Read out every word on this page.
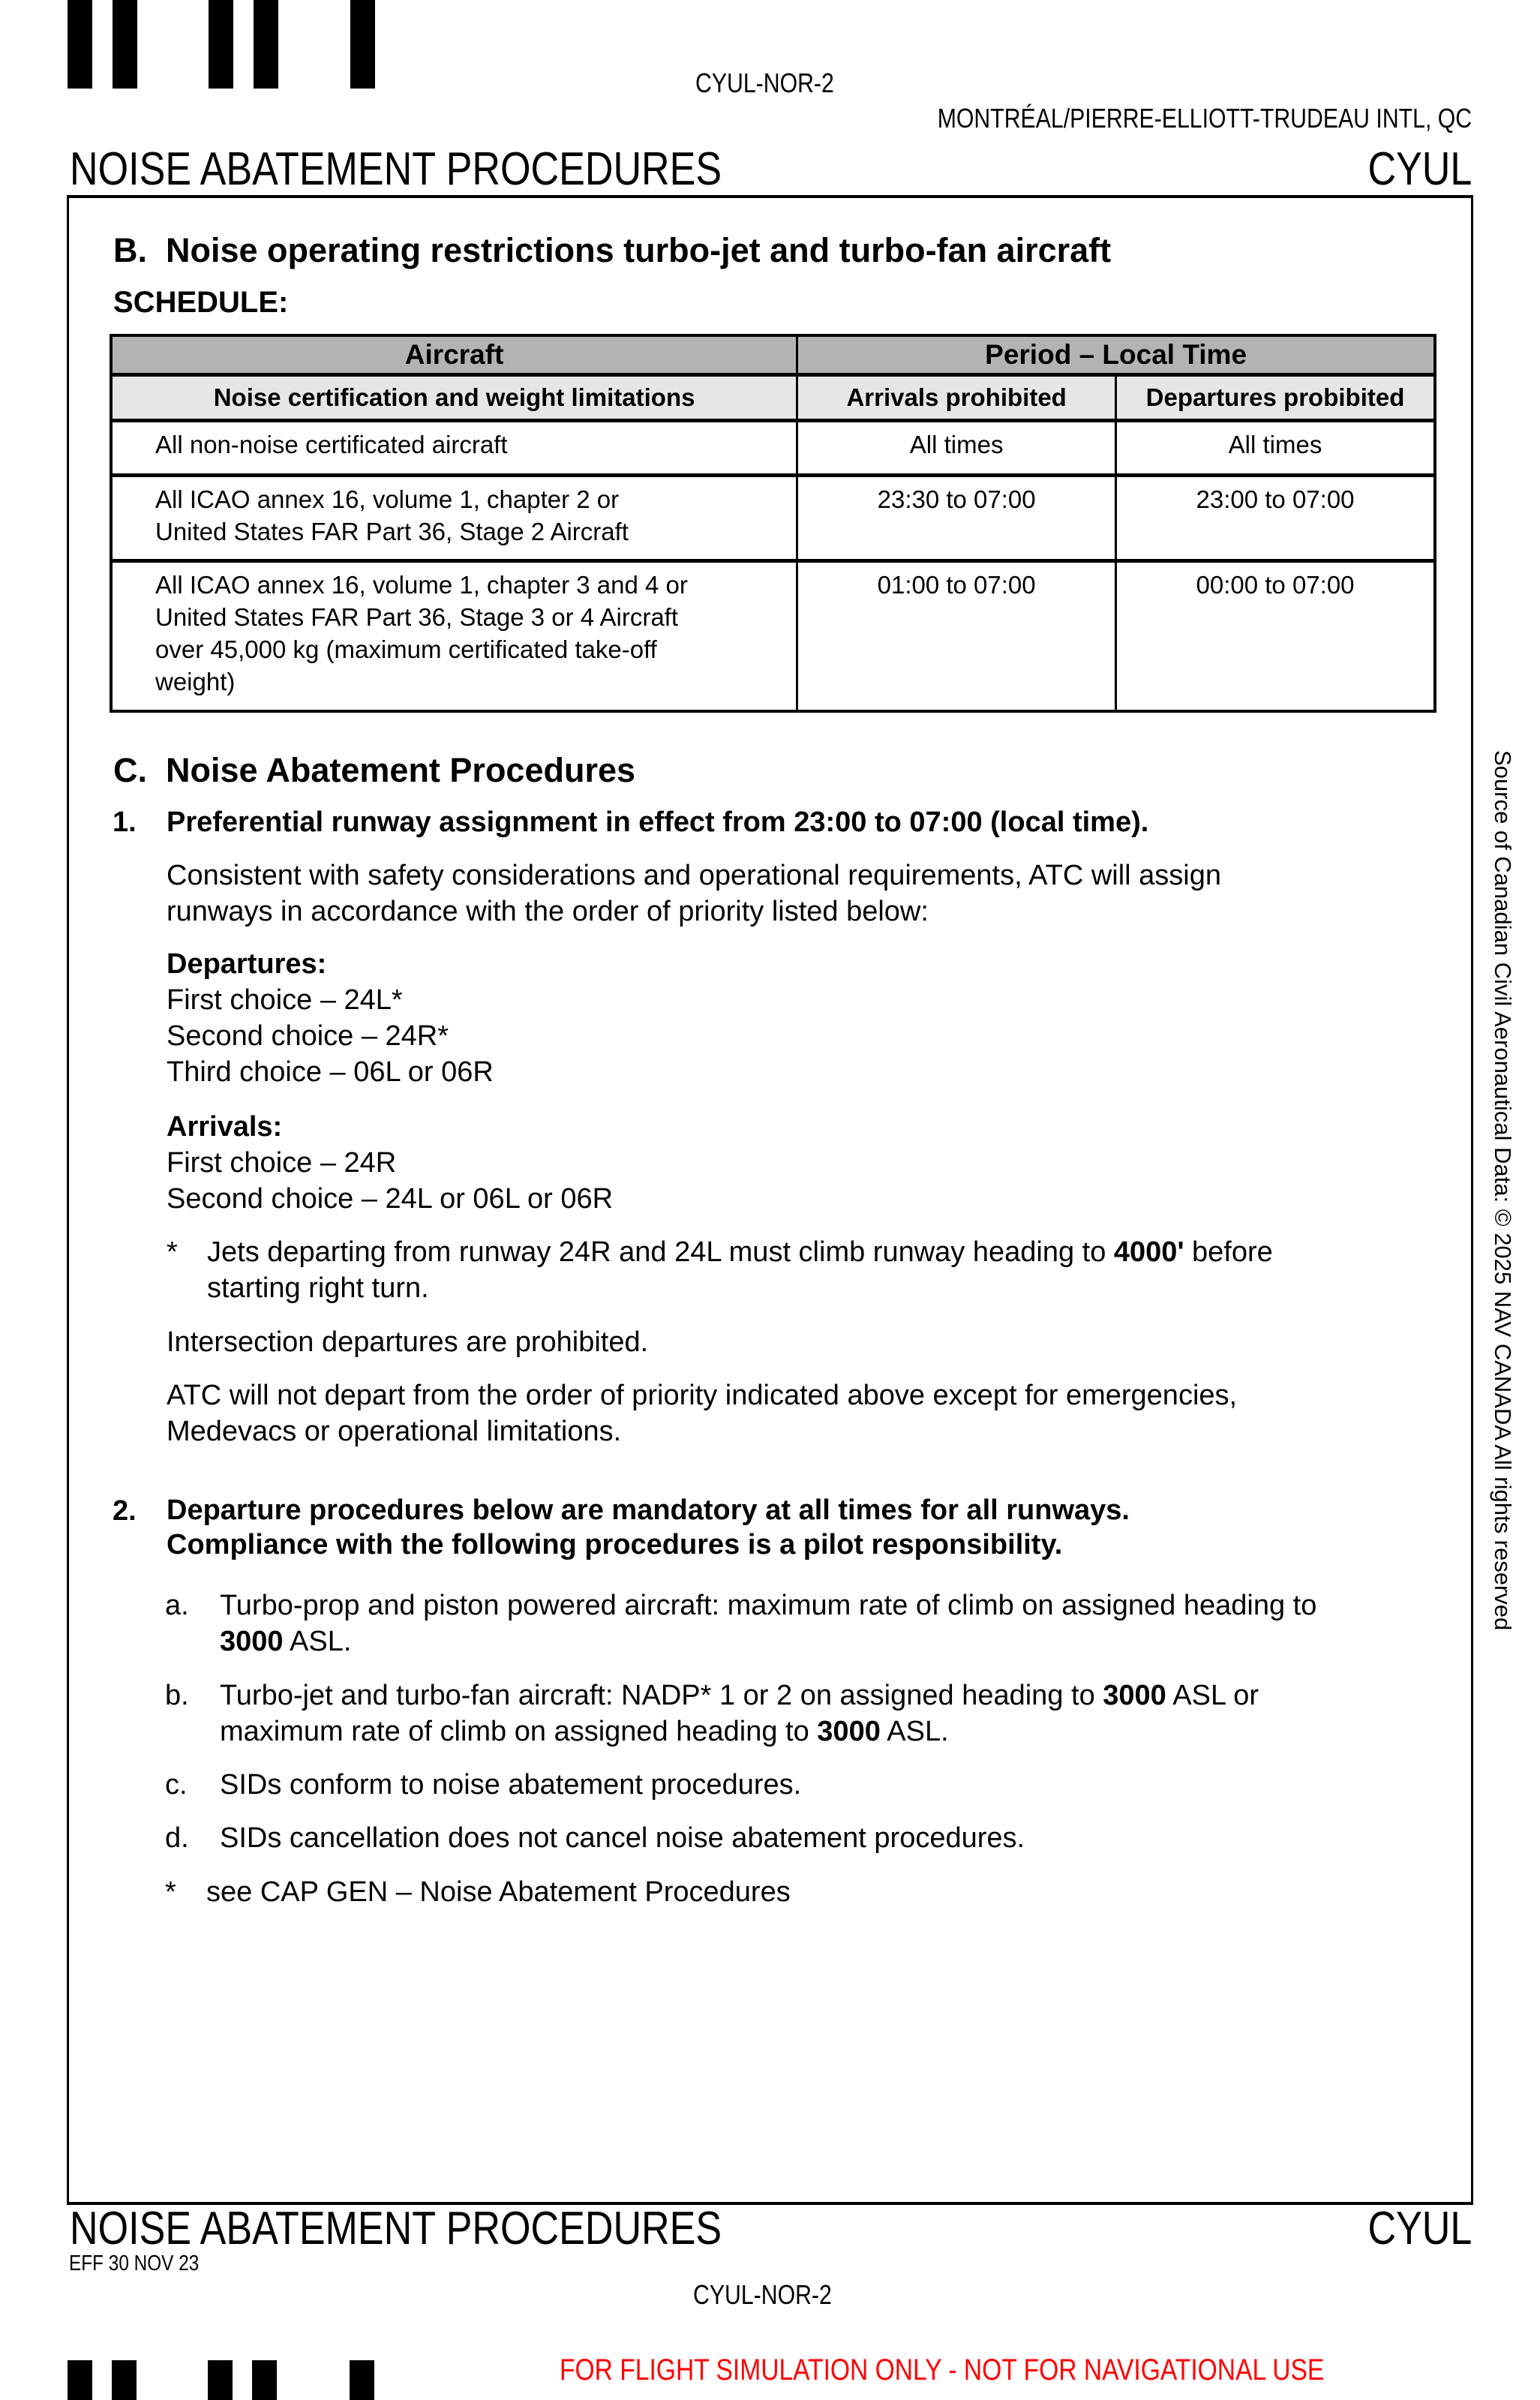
CYUL-NOR-2
MONTRÉAL/PIERRE-ELLIOTT-TRUDEAU INTL, QC
NOISE ABATEMENT PROCEDURES	CYUL
B.  Noise operating restrictions turbo-jet and turbo-fan aircraft
SCHEDULE:
Aircraft	Period – Local Time	
Noise certification and weight limitations	Arrivals prohibited	Departures probibited

All non-noise certificated aircraft	All times	All times

All ICAO annex 16, volume 1, chapter 2 or
United States FAR Part 36, Stage 2 Aircraft	23:30 to 07:00	23:00 to 07:00

All ICAO annex 16, volume 1, chapter 3 and 4 or
United States FAR Part 36, Stage 3 or 4 Aircraft
over 45,000 kg (maximum certificated take-off
weight)	01:00 to 07:00	00:00 to 07:00
C.  Noise Abatement Procedures
1. Preferential runway assignment in effect from 23:00 to 07:00 (local time).
Consistent with safety considerations and operational requirements, ATC will assign
runways in accordance with the order of priority listed below:
Departures:
First choice – 24L*
Second choice – 24R*
Third choice – 06L or 06R
Arrivals:
First choice – 24R
Second choice – 24L or 06L or 06R
* Jets departing from runway 24R and 24L must climb runway heading to 4000' before
starting right turn.
Intersection departures are prohibited.
ATC will not depart from the order of priority indicated above except for emergencies,
Medevacs or operational limitations.
2. Departure procedures below are mandatory at all times for all runways.
Compliance with the following procedures is a pilot responsibility.
a. Turbo-prop and piston powered aircraft: maximum rate of climb on assigned heading to
3000 ASL.
b. Turbo-jet and turbo-fan aircraft: NADP* 1 or 2 on assigned heading to 3000 ASL or
maximum rate of climb on assigned heading to 3000 ASL.
c. SIDs conform to noise abatement procedures.
d. SIDs cancellation does not cancel noise abatement procedures.
* see CAP GEN – Noise Abatement Procedures
Source of Canadian Civil Aeronautical Data: © 2025 NAV CANADA All rights reserved
NOISE ABATEMENT PROCEDURES	CYUL
EFF 30 NOV 23
CYUL-NOR-2
FOR FLIGHT SIMULATION ONLY - NOT FOR NAVIGATIONAL USE
